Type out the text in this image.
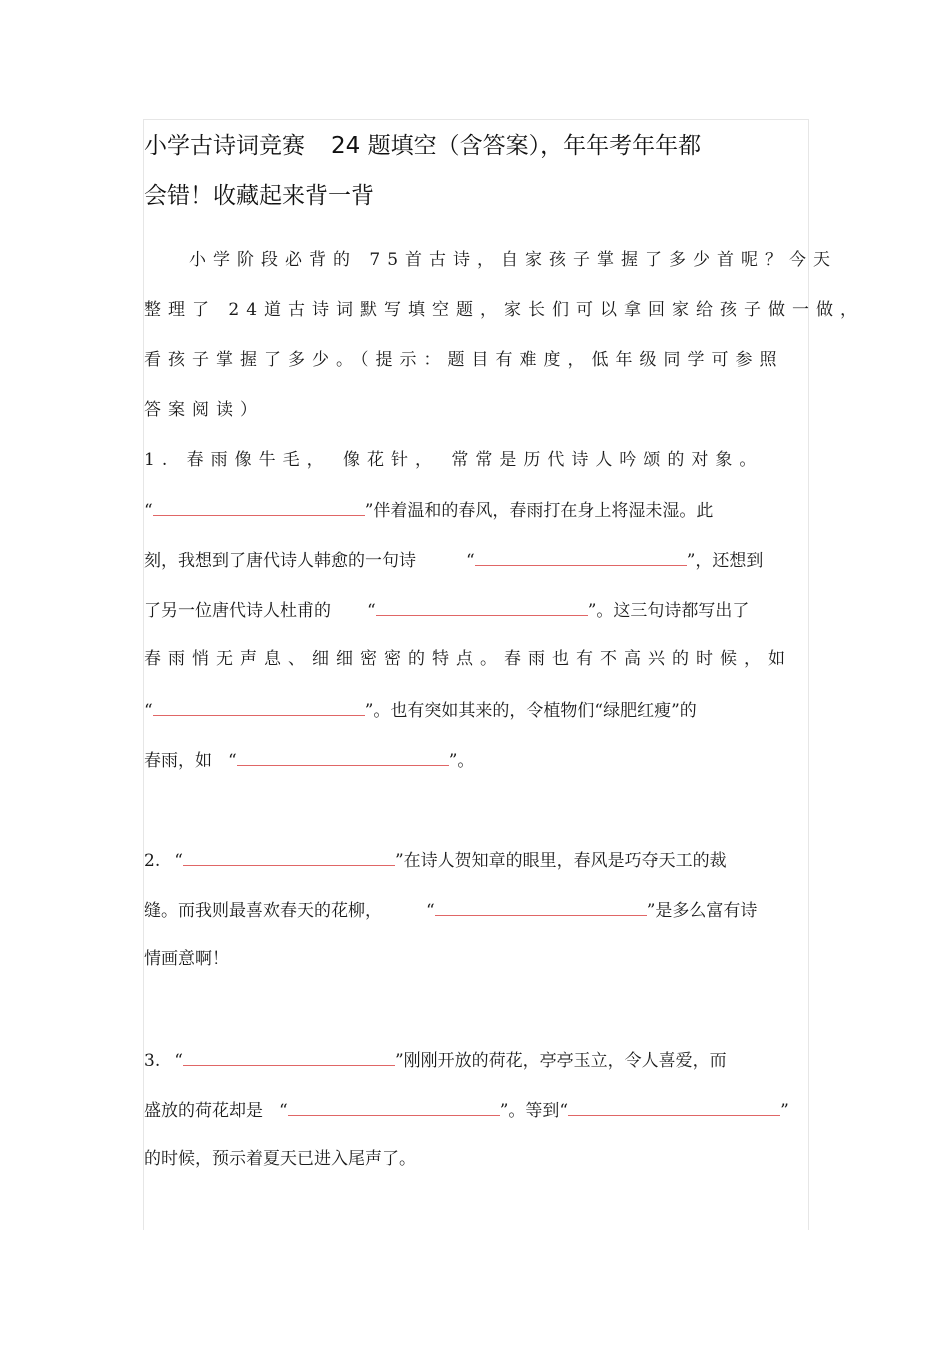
小学古诗词竞赛 24 题填空（含答案），年年考年年都
会错！收藏起来背一背
小学阶段必背的 75首古诗，自家孩子掌握了多少首呢？今天
整理了 24道古诗词默写填空题，家长们可以拿回家给孩子做一做，
看孩子掌握了多少。（提示：题目有难度，低年级同学可参照
答案阅读）
1. 春雨像牛毛， 像花针， 常常是历代诗人吟颂的对象。
“	”伴着温和的春风，春雨打在身上将湿未湿。此
刻，我想到了唐代诗人韩愈的一句诗	“	”，还想到
了另一位唐代诗人杜甫的 “	”。这三句诗都写出了
春雨悄无声息、细细密密的特点。春雨也有不高兴的时候，如
“	”。也有突如其来的，令植物们“绿肥红瘦”的
春雨，如 “	”。
2. “	”在诗人贺知章的眼里，春风是巧夺天工的裁
缝。而我则最喜欢春天的花柳，	“	”是多么富有诗
情画意啊！
3. “	”刚刚开放的荷花，亭亭玉立，令人喜爱，而
盛放的荷花却是 “	”。等到“	”
的时候，预示着夏天已进入尾声了。
